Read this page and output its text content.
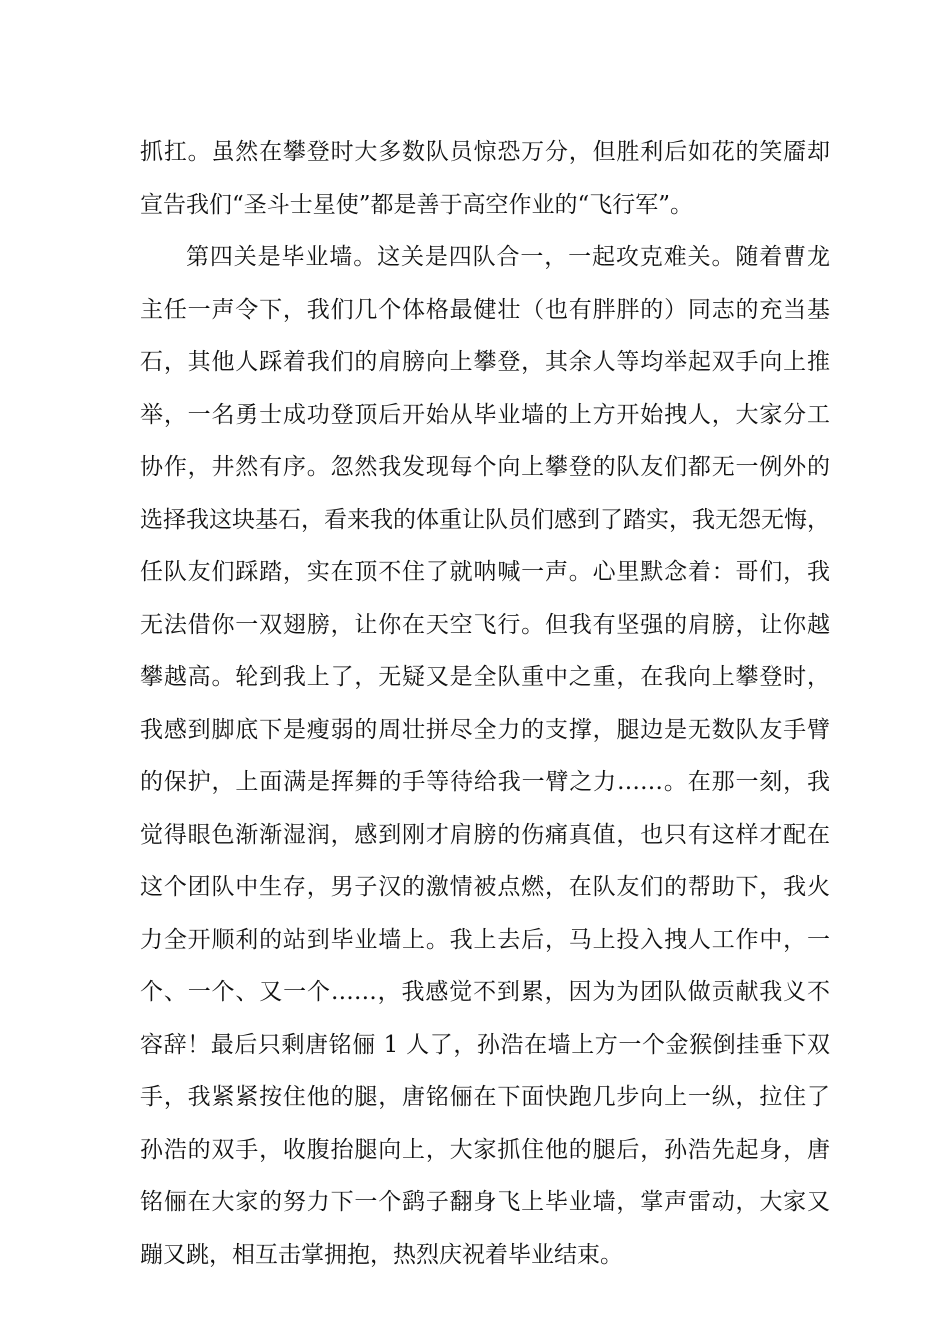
抓扛。虽然在攀登时大多数队员惊恐万分，但胜利后如花的笑靥却
宣告我们“圣斗士星使”都是善于高空作业的“飞行军”。
第四关是毕业墙。这关是四队合一，一起攻克难关。随着曹龙
主任一声令下，我们几个体格最健壮（也有胖胖的）同志的充当基
石，其他人踩着我们的肩膀向上攀登，其余人等均举起双手向上推
举，一名勇士成功登顶后开始从毕业墙的上方开始拽人，大家分工
协作，井然有序。忽然我发现每个向上攀登的队友们都无一例外的
选择我这块基石，看来我的体重让队员们感到了踏实，我无怨无悔，
任队友们踩踏，实在顶不住了就呐喊一声。心里默念着：哥们，我
无法借你一双翅膀，让你在天空飞行。但我有坚强的肩膀，让你越
攀越高。轮到我上了，无疑又是全队重中之重，在我向上攀登时，
我感到脚底下是瘦弱的周壮拼尽全力的支撑，腿边是无数队友手臂
的保护，上面满是挥舞的手等待给我一臂之力……。在那一刻，我
觉得眼色渐渐湿润，感到刚才肩膀的伤痛真值，也只有这样才配在
这个团队中生存，男子汉的激情被点燃，在队友们的帮助下，我火
力全开顺利的站到毕业墙上。我上去后，马上投入拽人工作中，一
个、一个、又一个……，我感觉不到累，因为为团队做贡献我义不
容辞！最后只剩唐铭俪 1 人了，孙浩在墙上方一个金猴倒挂垂下双
手，我紧紧按住他的腿，唐铭俪在下面快跑几步向上一纵，拉住了
孙浩的双手，收腹抬腿向上，大家抓住他的腿后，孙浩先起身，唐
铭俪在大家的努力下一个鹞子翻身飞上毕业墙，掌声雷动，大家又
蹦又跳，相互击掌拥抱，热烈庆祝着毕业结束。
